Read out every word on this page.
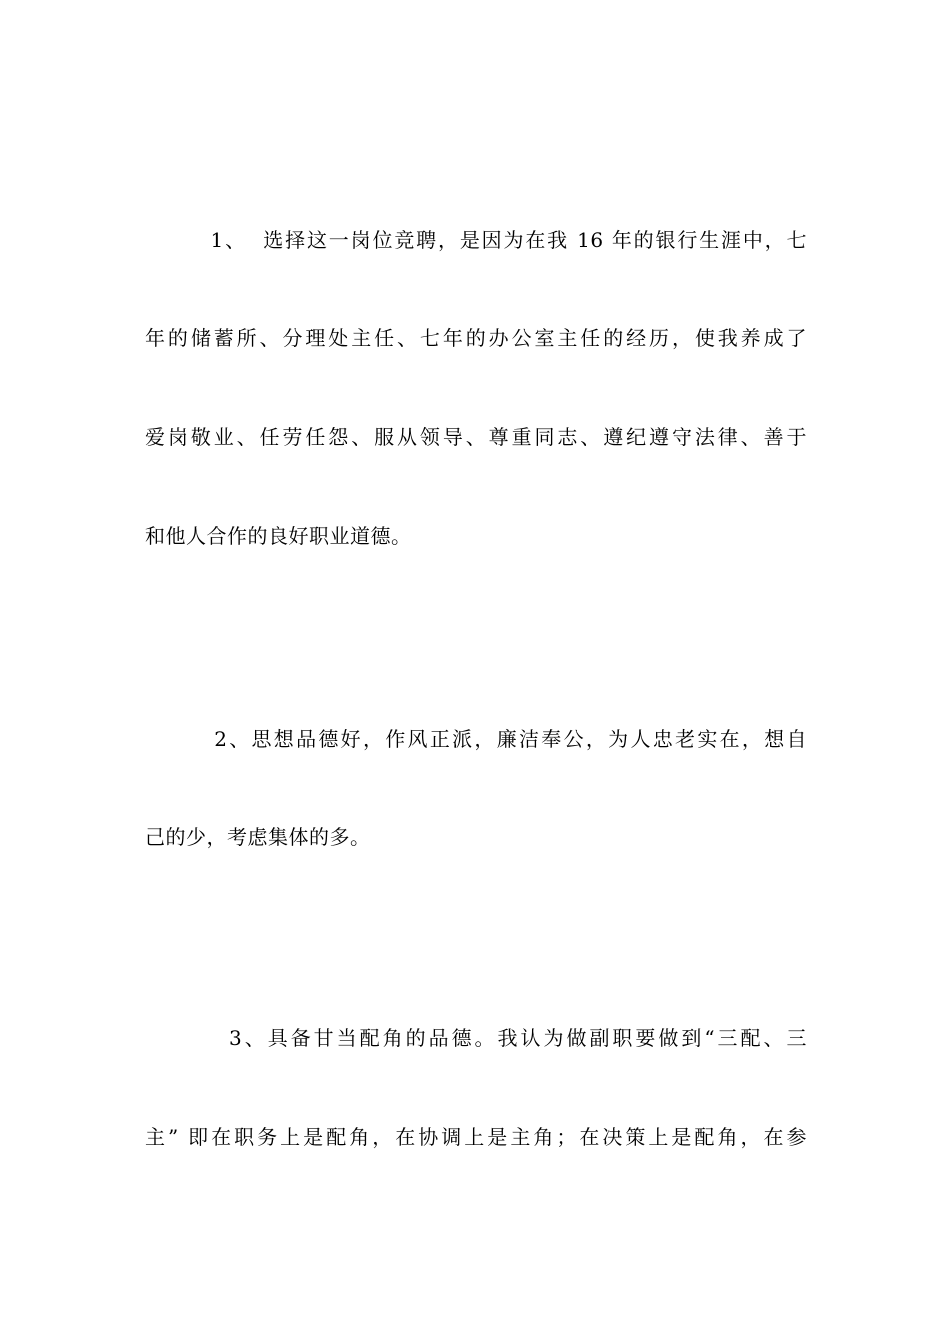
1、  选择这一岗位竞聘，是因为在我 16 年的银行生涯中，七
年的储蓄所、分理处主任、七年的办公室主任的经历，使我养成了
爱岗敬业、任劳任怨、服从领导、尊重同志、遵纪遵守法律、善于
和他人合作的良好职业道德。
2、思想品德好，作风正派，廉洁奉公，为人忠老实在，想自
己的少，考虑集体的多。
3、具备甘当配角的品德。我认为做副职要做到“三配、三
主” 即在职务上是配角，在协调上是主角；在决策上是配角，在参
